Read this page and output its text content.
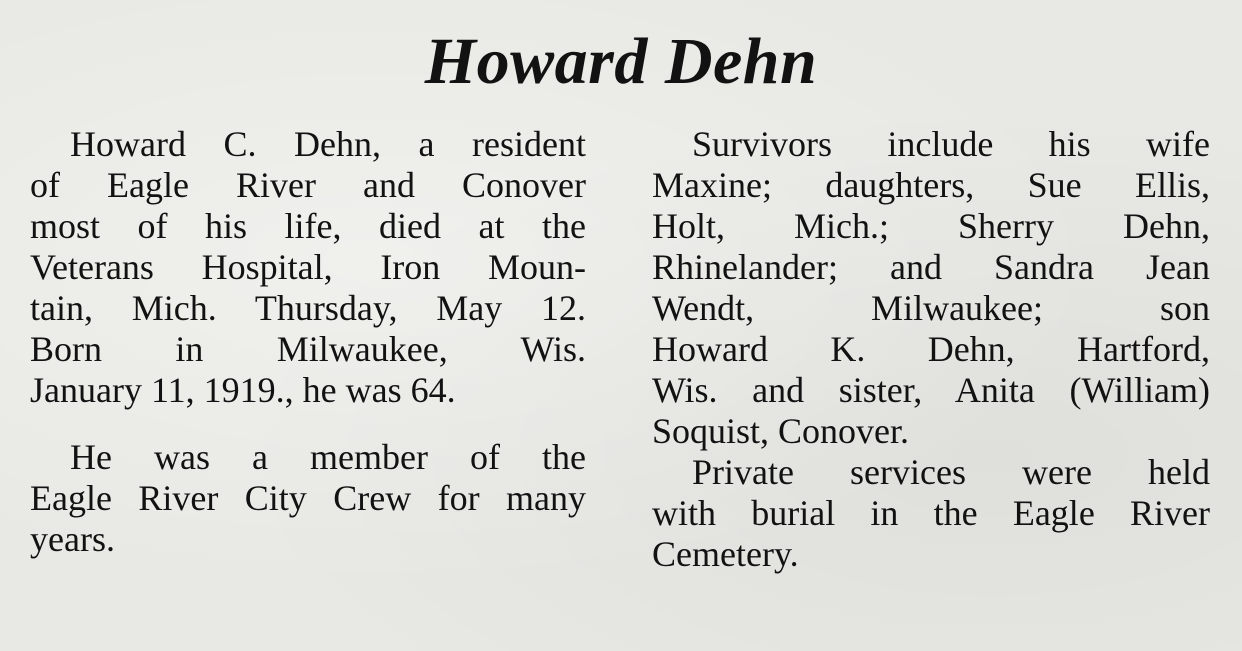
Howard Dehn
Howard C. Dehn, a resident
of Eagle River and Conover
most of his life, died at the
Veterans Hospital, Iron Moun-
tain, Mich. Thursday, May 12.
Born in Milwaukee, Wis.
January 11, 1919., he was 64.
He was a member of the
Eagle River City Crew for many
years.
Survivors include his wife
Maxine; daughters, Sue Ellis,
Holt, Mich.; Sherry Dehn,
Rhinelander; and Sandra Jean
Wendt, Milwaukee; son
Howard K. Dehn, Hartford,
Wis. and sister, Anita (William)
Soquist, Conover.
Private services were held
with burial in the Eagle River
Cemetery.
